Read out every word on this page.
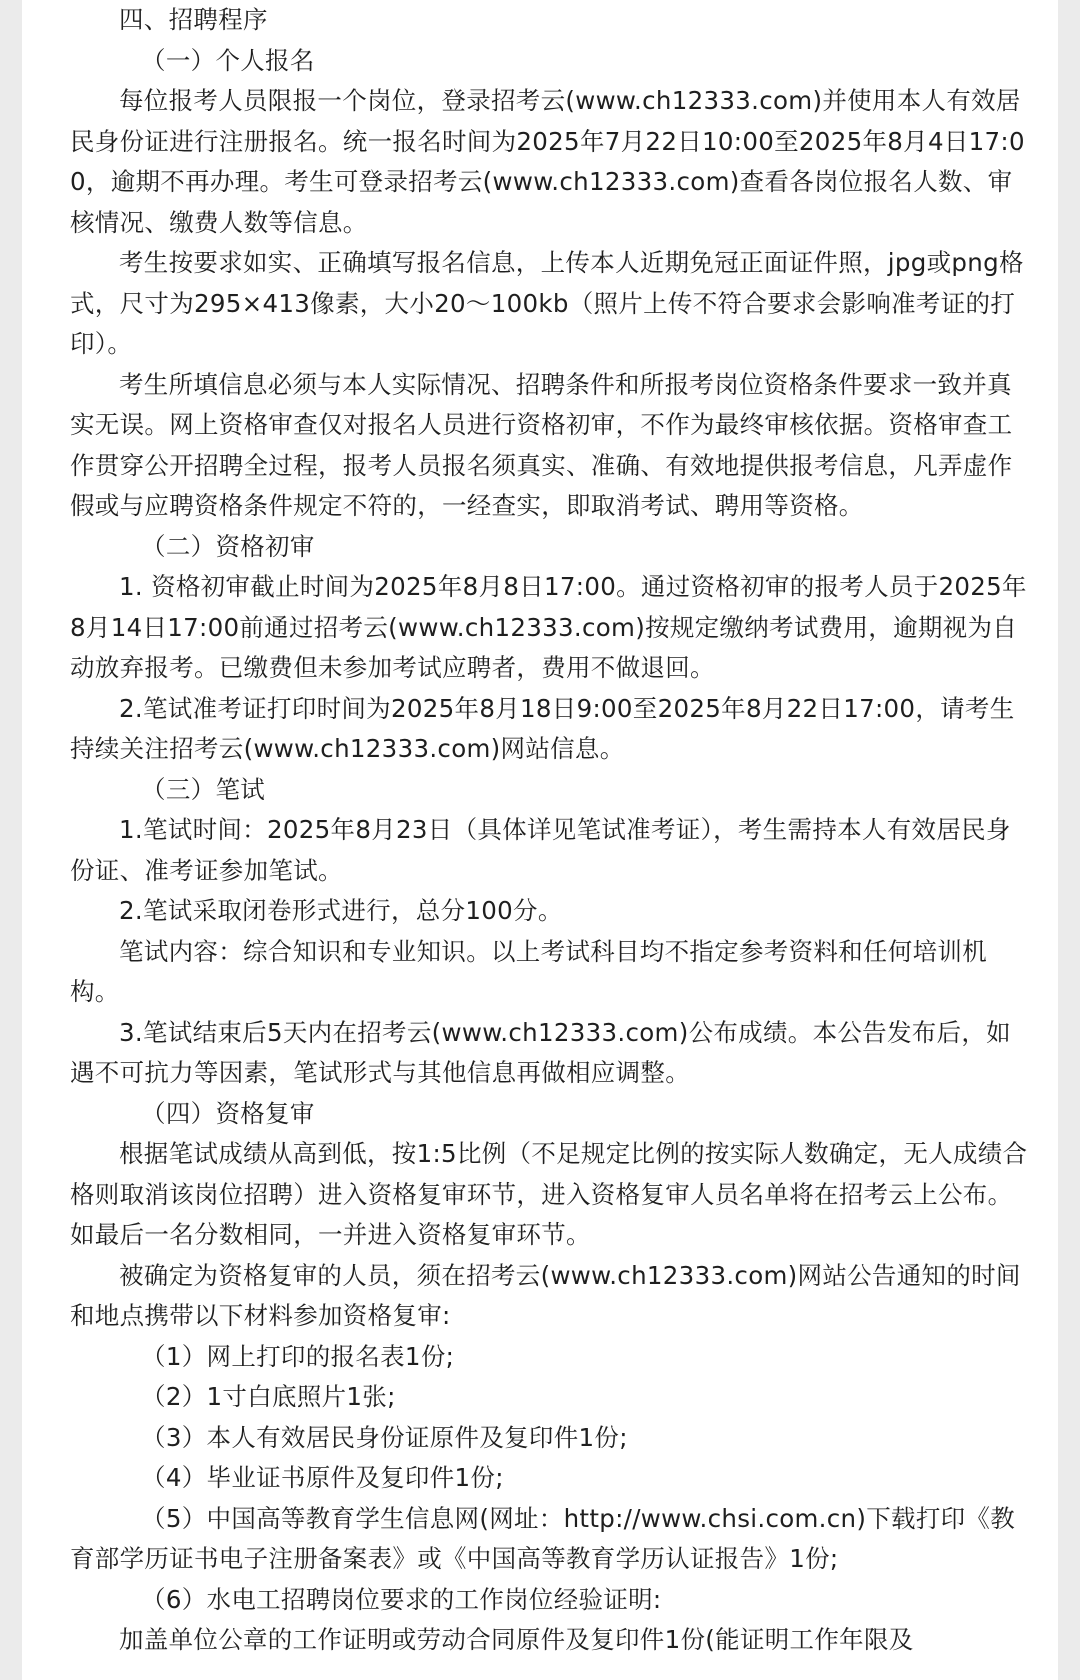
四、招聘程序

（一）个人报名

每位报考人员限报一个岗位，登录招考云(www.ch12333.com)并使用本人有效居民身份证进行注册报名。统一报名时间为2025年7月22日10:00至2025年8月4日17:00，逾期不再办理。考生可登录招考云(www.ch12333.com)查看各岗位报名人数、审核情况、缴费人数等信息。

考生按要求如实、正确填写报名信息，上传本人近期免冠正面证件照，jpg或png格式，尺寸为295×413像素，大小20～100kb（照片上传不符合要求会影响准考证的打印）。

考生所填信息必须与本人实际情况、招聘条件和所报考岗位资格条件要求一致并真实无误。网上资格审查仅对报名人员进行资格初审，不作为最终审核依据。资格审查工作贯穿公开招聘全过程，报考人员报名须真实、准确、有效地提供报考信息，凡弄虚作假或与应聘资格条件规定不符的，一经查实，即取消考试、聘用等资格。

（二）资格初审

1. 资格初审截止时间为2025年8月8日17:00。通过资格初审的报考人员于2025年8月14日17:00前通过招考云(www.ch12333.com)按规定缴纳考试费用，逾期视为自动放弃报考。已缴费但未参加考试应聘者，费用不做退回。

2.笔试准考证打印时间为2025年8月18日9:00至2025年8月22日17:00，请考生持续关注招考云(www.ch12333.com)网站信息。

（三）笔试

1.笔试时间：2025年8月23日（具体详见笔试准考证），考生需持本人有效居民身份证、准考证参加笔试。

2.笔试采取闭卷形式进行，总分100分。

笔试内容：综合知识和专业知识。以上考试科目均不指定参考资料和任何培训机构。

3.笔试结束后5天内在招考云(www.ch12333.com)公布成绩。本公告发布后，如遇不可抗力等因素，笔试形式与其他信息再做相应调整。

（四）资格复审

根据笔试成绩从高到低，按1:5比例（不足规定比例的按实际人数确定，无人成绩合格则取消该岗位招聘）进入资格复审环节，进入资格复审人员名单将在招考云上公布。如最后一名分数相同，一并进入资格复审环节。

被确定为资格复审的人员，须在招考云(www.ch12333.com)网站公告通知的时间和地点携带以下材料参加资格复审:

（1）网上打印的报名表1份;

（2）1寸白底照片1张;

（3）本人有效居民身份证原件及复印件1份;

（4）毕业证书原件及复印件1份;

（5）中国高等教育学生信息网(网址：http://www.chsi.com.cn)下载打印《教育部学历证书电子注册备案表》或《中国高等教育学历认证报告》1份;

（6）水电工招聘岗位要求的工作岗位经验证明:

加盖单位公章的工作证明或劳动合同原件及复印件1份(能证明工作年限及
